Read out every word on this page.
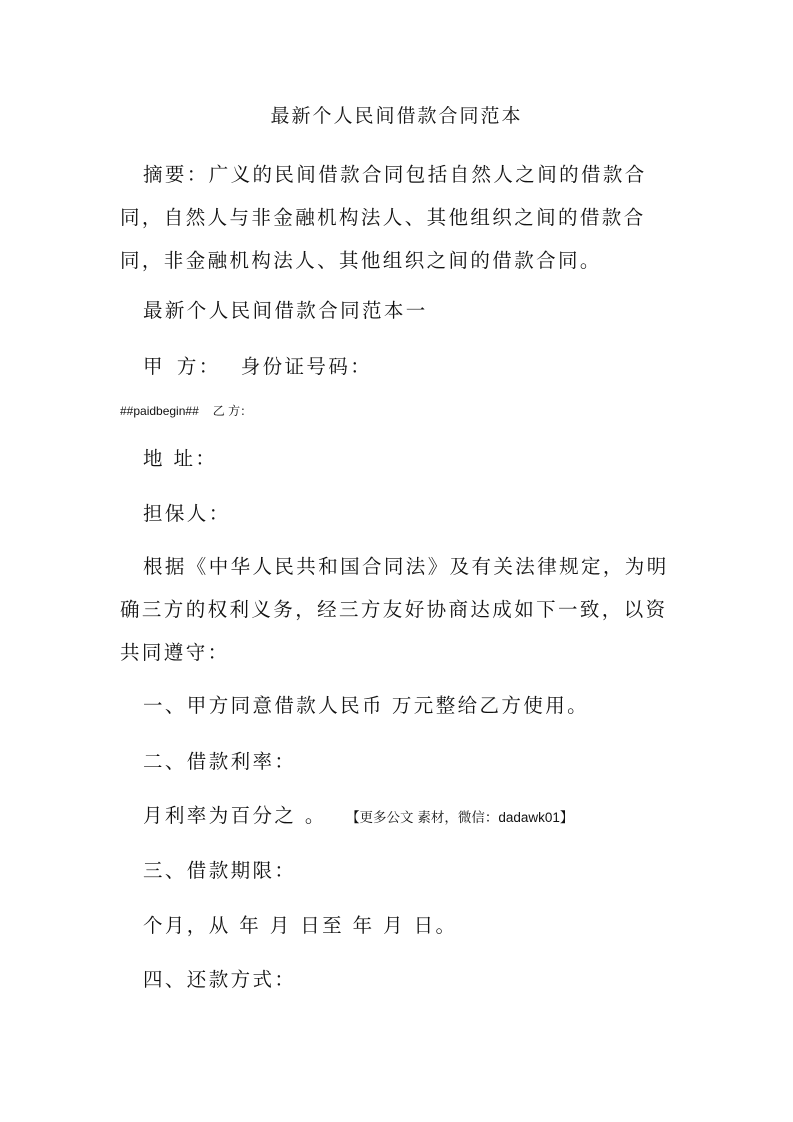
最新个人民间借款合同范本
摘要：广义的民间借款合同包括自然人之间的借款合同，自然人与非金融机构法人、其他组织之间的借款合同，非金融机构法人、其他组织之间的借款合同。
最新个人民间借款合同范本一
甲 方： 身份证号码：
##paidbegin## 乙 方：
地 址：
担保人：
根据《中华人民共和国合同法》及有关法律规定，为明确三方的权利义务，经三方友好协商达成如下一致，以资共同遵守：
一、甲方同意借款人民币 万元整给乙方使用。
二、借款利率：
月利率为百分之 。 【更多公文 素材，微信：dadawk01】
三、借款期限：
个月，从 年 月 日至 年 月 日。
四、还款方式：
